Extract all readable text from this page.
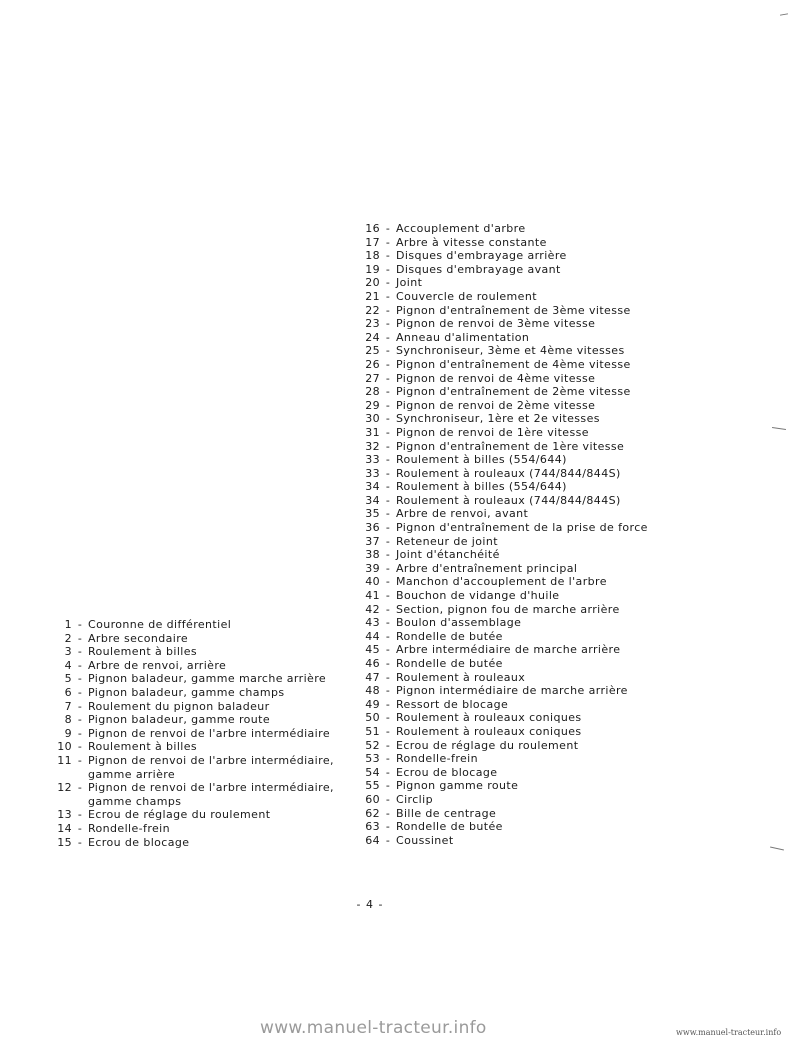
1 - Couronne de différentiel
2 - Arbre secondaire
3 - Roulement à billes
4 - Arbre de renvoi, arrière
5 - Pignon baladeur, gamme marche arrière
6 - Pignon baladeur, gamme champs
7 - Roulement du pignon baladeur
8 - Pignon baladeur, gamme route
9 - Pignon de renvoi de l'arbre intermédiaire
10 - Roulement à billes
11 - Pignon de renvoi de l'arbre intermédiaire,
gamme arrière
12 - Pignon de renvoi de l'arbre intermédiaire,
gamme champs
13 - Ecrou de réglage du roulement
14 - Rondelle-frein
15 - Ecrou de blocage
16 - Accouplement d'arbre
17 - Arbre à vitesse constante
18 - Disques d'embrayage arrière
19 - Disques d'embrayage avant
20 - Joint
21 - Couvercle de roulement
22 - Pignon d'entraînement de 3ème vitesse
23 - Pignon de renvoi de 3ème vitesse
24 - Anneau d'alimentation
25 - Synchroniseur, 3ème et 4ème vitesses
26 - Pignon d'entraînement de 4ème vitesse
27 - Pignon de renvoi de 4ème vitesse
28 - Pignon d'entraînement de 2ème vitesse
29 - Pignon de renvoi de 2ème vitesse
30 - Synchroniseur, 1ère et 2e vitesses
31 - Pignon de renvoi de 1ère vitesse
32 - Pignon d'entraînement de 1ère vitesse
33 - Roulement à billes (554/644)
33 - Roulement à rouleaux (744/844/844S)
34 - Roulement à billes (554/644)
34 - Roulement à rouleaux (744/844/844S)
35 - Arbre de renvoi, avant
36 - Pignon d'entraînement de la prise de force
37 - Reteneur de joint
38 - Joint d'étanchéité
39 - Arbre d'entraînement principal
40 - Manchon d'accouplement de l'arbre
41 - Bouchon de vidange d'huile
42 - Section, pignon fou de marche arrière
43 - Boulon d'assemblage
44 - Rondelle de butée
45 - Arbre intermédiaire de marche arrière
46 - Rondelle de butée
47 - Roulement à rouleaux
48 - Pignon intermédiaire de marche arrière
49 - Ressort de blocage
50 - Roulement à rouleaux coniques
51 - Roulement à rouleaux coniques
52 - Ecrou de réglage du roulement
53 - Rondelle-frein
54 - Ecrou de blocage
55 - Pignon gamme route
60 - Circlip
62 - Bille de centrage
63 - Rondelle de butée
64 - Coussinet
- 4 -
www.manuel-tracteur.info	www.manuel-tracteur.info
